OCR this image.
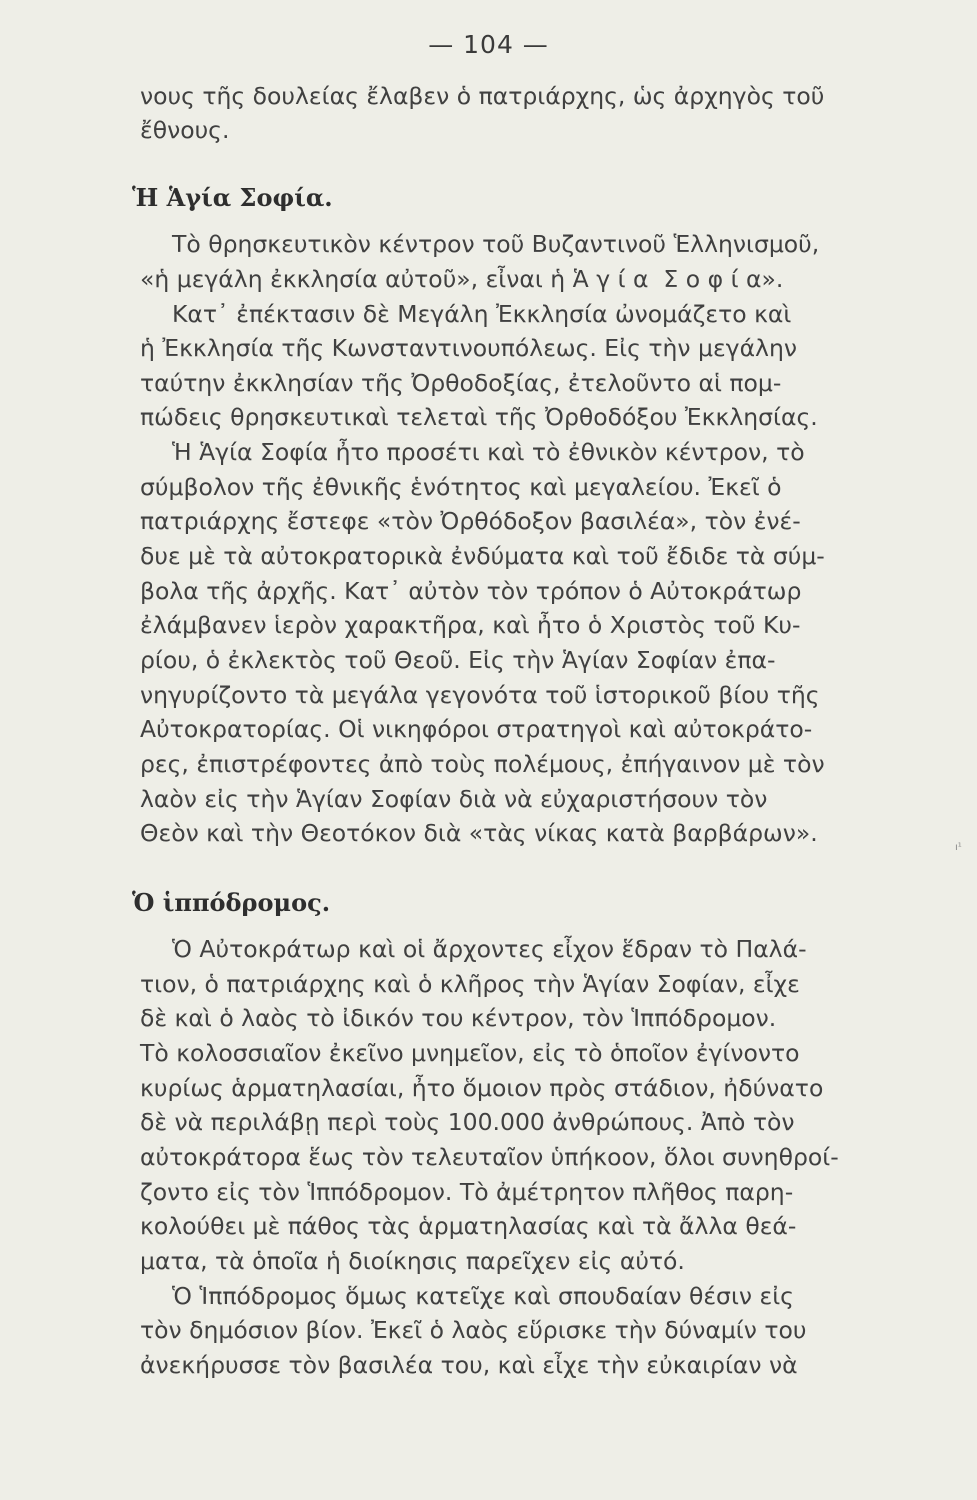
— 104 —
νους τῆς δουλείας ἔλαβεν ὁ πατριάρχης, ὡς ἀρχηγὸς τοῦ
ἔθνους.
Ἡ Ἁγία Σοφία.
Τὸ θρησκευτικὸν κέντρον τοῦ Βυζαντινοῦ Ἑλληνισμοῦ,
«ἡ μεγάλη ἐκκλησία αὐτοῦ», εἶναι ἡ Ἁ γ ί α  Σ ο φ ί α».
Κατ᾿ ἐπέκτασιν δὲ Μεγάλη Ἐκκλησία ὠνομάζετο καὶ
ἡ Ἐκκλησία τῆς Κωνσταντινουπόλεως. Εἰς τὴν μεγάλην
ταύτην ἐκκλησίαν τῆς Ὀρθοδοξίας, ἐτελοῦντο αἱ πομ-
πώδεις θρησκευτικαὶ τελεταὶ τῆς Ὀρθοδόξου Ἐκκλησίας.
Ἡ Ἁγία Σοφία ἦτο προσέτι καὶ τὸ ἐθνικὸν κέντρον, τὸ
σύμβολον τῆς ἐθνικῆς ἑνότητος καὶ μεγαλείου. Ἐκεῖ ὁ
πατριάρχης ἔστεφε «τὸν Ὀρθόδοξον βασιλέα», τὸν ἐνέ-
δυε μὲ τὰ αὐτοκρατορικὰ ἐνδύματα καὶ τοῦ ἔδιδε τὰ σύμ-
βολα τῆς ἀρχῆς. Κατ᾿ αὐτὸν τὸν τρόπον ὁ Αὐτοκράτωρ
ἐλάμβανεν ἱερὸν χαρακτῆρα, καὶ ἦτο ὁ Χριστὸς τοῦ Κυ-
ρίου, ὁ ἐκλεκτὸς τοῦ Θεοῦ. Εἰς τὴν Ἁγίαν Σοφίαν ἐπα-
νηγυρίζοντο τὰ μεγάλα γεγονότα τοῦ ἱστορικοῦ βίου τῆς
Αὐτοκρατορίας. Οἱ νικηφόροι στρατηγοὶ καὶ αὐτοκράτο-
ρες, ἐπιστρέφοντες ἀπὸ τοὺς πολέμους, ἐπήγαινον μὲ τὸν
λαὸν εἰς τὴν Ἁγίαν Σοφίαν διὰ νὰ εὐχαριστήσουν τὸν
Θεὸν καὶ τὴν Θεοτόκον διὰ «τὰς νίκας κατὰ βαρβάρων».
ı¹
Ὁ ἱππόδρομος.
Ὁ Αὐτοκράτωρ καὶ οἱ ἄρχοντες εἶχον ἕδραν τὸ Παλά-
τιον, ὁ πατριάρχης καὶ ὁ κλῆρος τὴν Ἁγίαν Σοφίαν, εἶχε
δὲ καὶ ὁ λαὸς τὸ ἰδικόν του κέντρον, τὸν Ἱππόδρομον.
Τὸ κολοσσιαῖον ἐκεῖνο μνημεῖον, εἰς τὸ ὁποῖον ἐγίνοντο
κυρίως ἁρματηλασίαι, ἦτο ὅμοιον πρὸς στάδιον, ἠδύνατο
δὲ νὰ περιλάβῃ περὶ τοὺς 100.000 ἀνθρώπους. Ἀπὸ τὸν
αὐτοκράτορα ἕως τὸν τελευταῖον ὑπήκοον, ὅλοι συνηθροί-
ζοντο εἰς τὸν Ἱππόδρομον. Τὸ ἀμέτρητον πλῆθος παρη-
κολούθει μὲ πάθος τὰς ἁρματηλασίας καὶ τὰ ἄλλα θεά-
ματα, τὰ ὁποῖα ἡ διοίκησις παρεῖχεν εἰς αὐτό.
Ὁ Ἱππόδρομος ὅμως κατεῖχε καὶ σπουδαίαν θέσιν εἰς
τὸν δημόσιον βίον. Ἐκεῖ ὁ λαὸς εὕρισκε τὴν δύναμίν του
ἀνεκήρυσσε τὸν βασιλέα του, καὶ εἶχε τὴν εὐκαιρίαν νὰ
